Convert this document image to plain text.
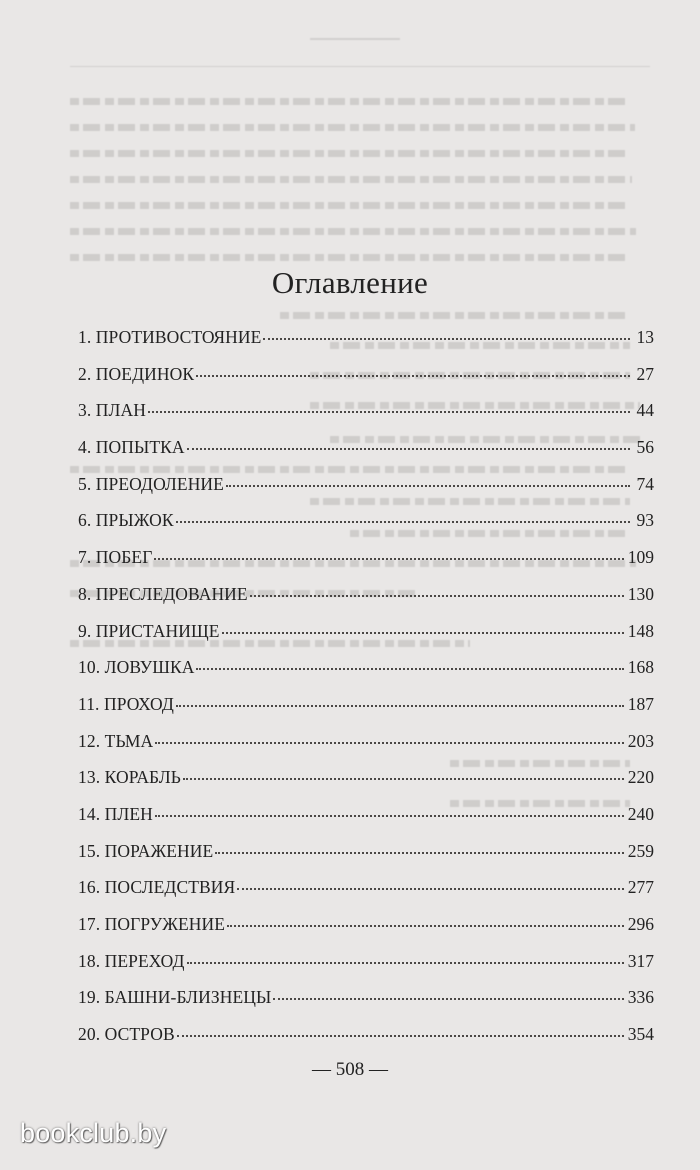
Оглавление
1. ПРОТИВОСТОЯНИЕ	13
2. ПОЕДИНОК	27
3. ПЛАН	44
4. ПОПЫТКА	56
5. ПРЕОДОЛЕНИЕ	74
6. ПРЫЖОК	93
7. ПОБЕГ	109
8. ПРЕСЛЕДОВАНИЕ	130
9. ПРИСТАНИЩЕ	148
10. ЛОВУШКА	168
11. ПРОХОД	187
12. ТЬМА	203
13. КОРАБЛЬ	220
14. ПЛЕН	240
15. ПОРАЖЕНИЕ	259
16. ПОСЛЕДСТВИЯ	277
17. ПОГРУЖЕНИЕ	296
18. ПЕРЕХОД	317
19. БАШНИ-БЛИЗНЕЦЫ	336
20. ОСТРОВ	354
— 508 —
bookclub.by
